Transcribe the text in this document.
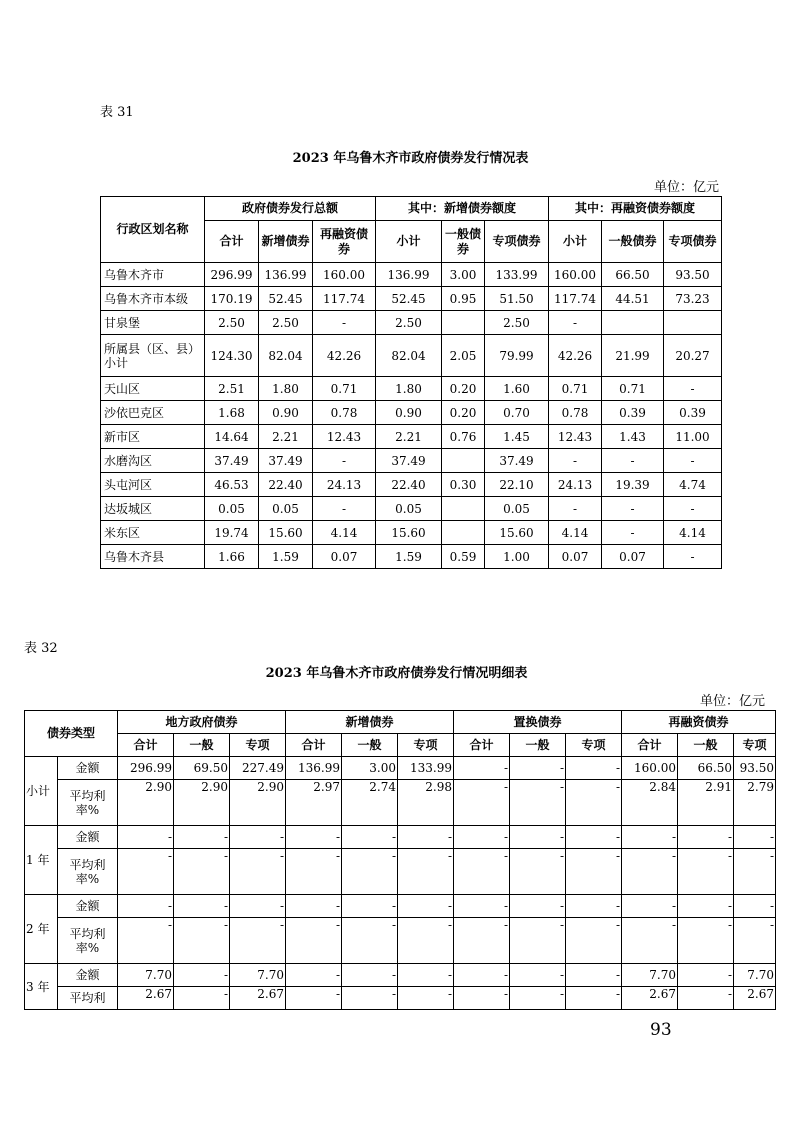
表 31
2023 年乌鲁木齐市政府债券发行情况表
单位：亿元
行政区划名称	政府债券发行总额			其中：新增债券额度			其中：再融资债券额度		
	合计	新增债券	再融资债券	小计	一般债券	专项债券	小计	一般债券	专项债券
乌鲁木齐市	296.99	136.99	160.00	136.99	3.00	133.99	160.00	66.50	93.50
乌鲁木齐市本级	170.19	52.45	117.74	52.45	0.95	51.50	117.74	44.51	73.23
甘泉堡	2.50	2.50	-	2.50		2.50	-		
所属县（区、县）小计	124.30	82.04	42.26	82.04	2.05	79.99	42.26	21.99	20.27
天山区	2.51	1.80	0.71	1.80	0.20	1.60	0.71	0.71	-
沙依巴克区	1.68	0.90	0.78	0.90	0.20	0.70	0.78	0.39	0.39
新市区	14.64	2.21	12.43	2.21	0.76	1.45	12.43	1.43	11.00
水磨沟区	37.49	37.49	-	37.49		37.49	-	-	-
头屯河区	46.53	22.40	24.13	22.40	0.30	22.10	24.13	19.39	4.74
达坂城区	0.05	0.05	-	0.05		0.05	-	-	-
米东区	19.74	15.60	4.14	15.60		15.60	4.14	-	4.14
乌鲁木齐县	1.66	1.59	0.07	1.59	0.59	1.00	0.07	0.07	-
表 32
2023 年乌鲁木齐市政府债券发行情况明细表
单位：亿元
债券类型		地方政府债券			新增债券			置换债券			再融资债券		
		合计	一般	专项	合计	一般	专项	合计	一般	专项	合计	一般	专项
小计	金额	296.99	69.50	227.49	136.99	3.00	133.99	-	-	-	160.00	66.50	93.50
	平均利率%	2.90	2.90	2.90	2.97	2.74	2.98	-	-	-	2.84	2.91	2.79
1 年	金额	-	-	-	-	-	-	-	-	-	-	-	-
	平均利率%	-	-	-	-	-	-	-	-	-	-	-	-
2 年	金额	-	-	-	-	-	-	-	-	-	-	-	-
	平均利率%	-	-	-	-	-	-	-	-	-	-	-	-
3 年	金额	7.70	-	7.70	-	-	-	-	-	-	7.70	-	7.70
	平均利	2.67	-	2.67	-	-	-	-	-	-	2.67	-	2.67
93
